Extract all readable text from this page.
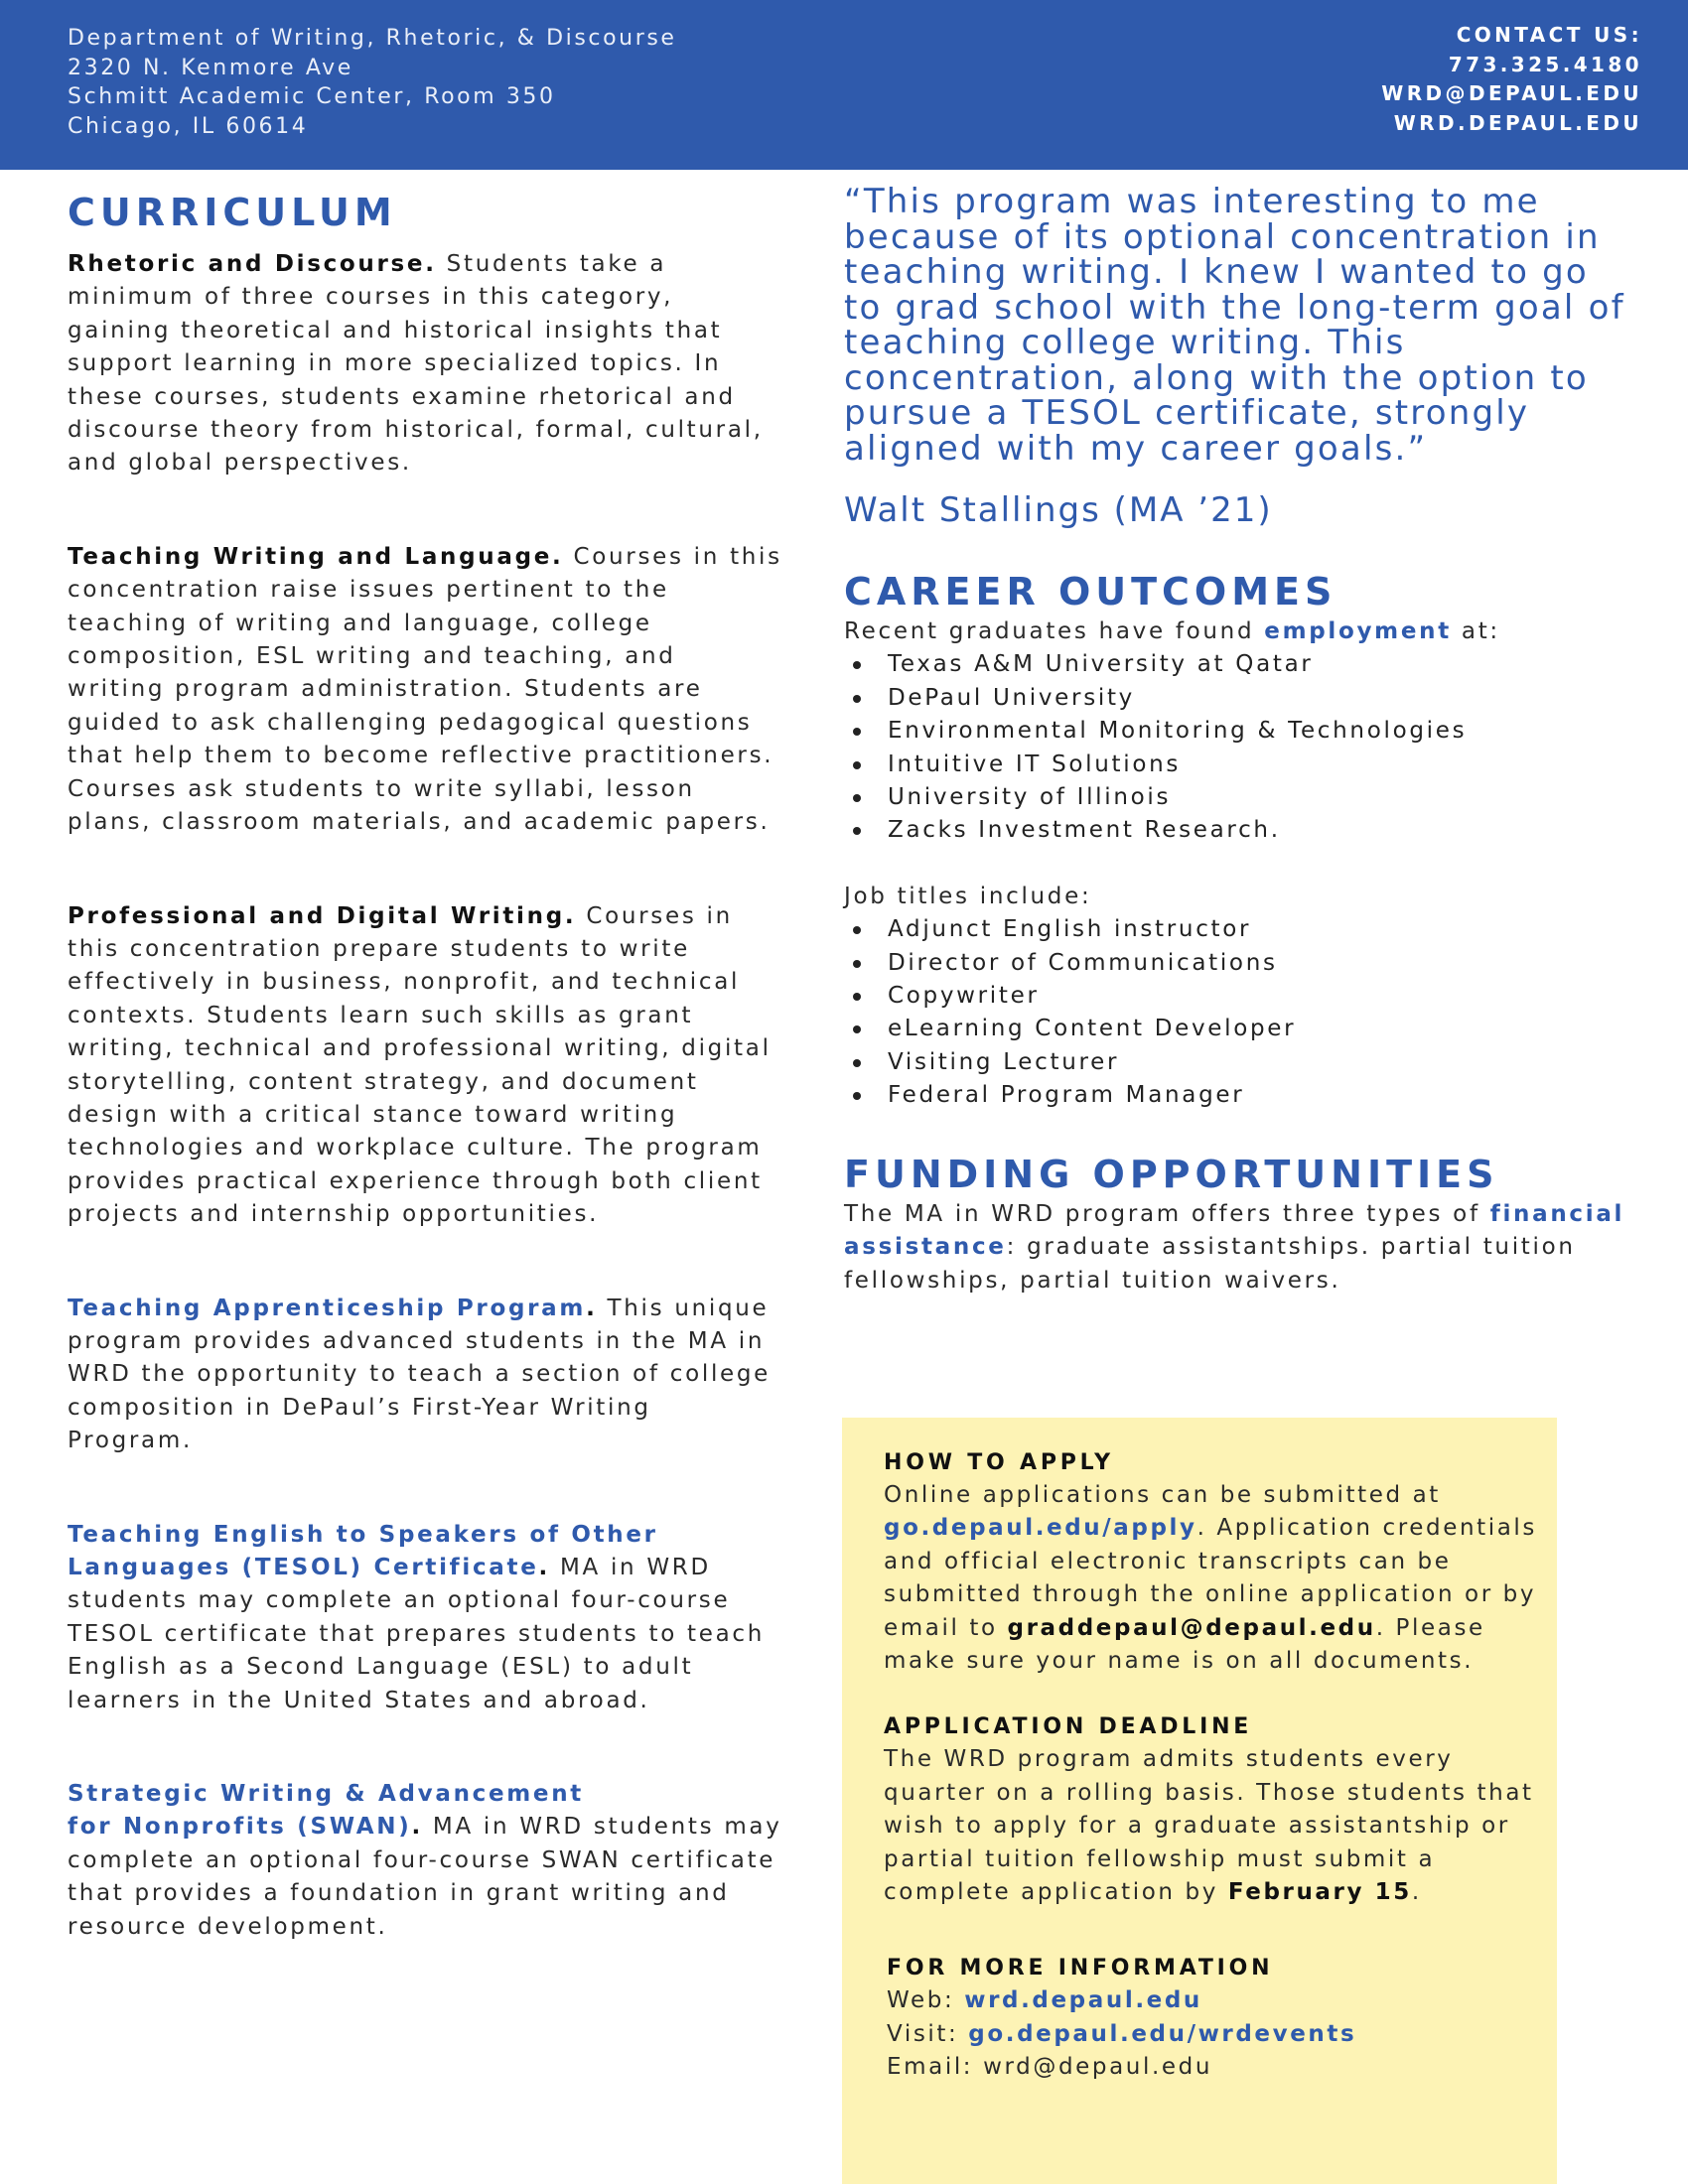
Department of Writing, Rhetoric, & Discourse
2320 N. Kenmore Ave
Schmitt Academic Center, Room 350
Chicago, IL 60614
CONTACT US:
773.325.4180
WRD@DEPAUL.EDU
WRD.DEPAUL.EDU
CURRICULUM

Rhetoric and Discourse. Students take a minimum of three courses in this category, gaining theoretical and historical insights that support learning in more specialized topics. In these courses, students examine rhetorical and discourse theory from historical, formal, cultural, and global perspectives.

Teaching Writing and Language. Courses in this concentration raise issues pertinent to the teaching of writing and language, college composition, ESL writing and teaching, and writing program administration. Students are guided to ask challenging pedagogical questions that help them to become reflective practitioners. Courses ask students to write syllabi, lesson plans, classroom materials, and academic papers.

Professional and Digital Writing. Courses in this concentration prepare students to write effectively in business, nonprofit, and technical contexts. Students learn such skills as grant writing, technical and professional writing, digital storytelling, content strategy, and document design with a critical stance toward writing technologies and workplace culture. The program provides practical experience through both client projects and internship opportunities.

Teaching Apprenticeship Program. This unique program provides advanced students in the MA in WRD the opportunity to teach a section of college composition in DePaul’s First-Year Writing Program.

Teaching English to Speakers of Other Languages (TESOL) Certificate. MA in WRD students may complete an optional four-course TESOL certificate that prepares students to teach English as a Second Language (ESL) to adult learners in the United States and abroad.

Strategic Writing & Advancement
for Nonprofits (SWAN). MA in WRD students may complete an optional four-course SWAN certificate that provides a foundation in grant writing and resource development.

“This program was interesting to me because of its optional concentration in teaching writing. I knew I wanted to go to grad school with the long-term goal of teaching college writing. This concentration, along with the option to pursue a TESOL certificate, strongly aligned with my career goals.”

Walt Stallings (MA ’21)

CAREER OUTCOMES

Recent graduates have found employment at:

Texas A&M University at Qatar
DePaul University
Environmental Monitoring & Technologies
Intuitive IT Solutions
University of Illinois
Zacks Investment Research.

Job titles include:

Adjunct English instructor
Director of Communications
Copywriter
eLearning Content Developer
Visiting Lecturer
Federal Program Manager
FUNDING OPPORTUNITIES

The MA in WRD program offers three types of financial assistance: graduate assistantships. partial tuition fellowships, partial tuition waivers.

HOW TO APPLY

Online applications can be submitted at go.depaul.edu/apply. Application credentials and official electronic transcripts can be submitted through the online application or by email to graddepaul@depaul.edu. Please make sure your name is on all documents.

APPLICATION DEADLINE

The WRD program admits students every quarter on a rolling basis. Those students that wish to apply for a graduate assistantship or partial tuition fellowship must submit a complete application by February 15.

FOR MORE INFORMATION

Web: wrd.depaul.edu

Visit: go.depaul.edu/wrdevents

Email: wrd@depaul.edu
